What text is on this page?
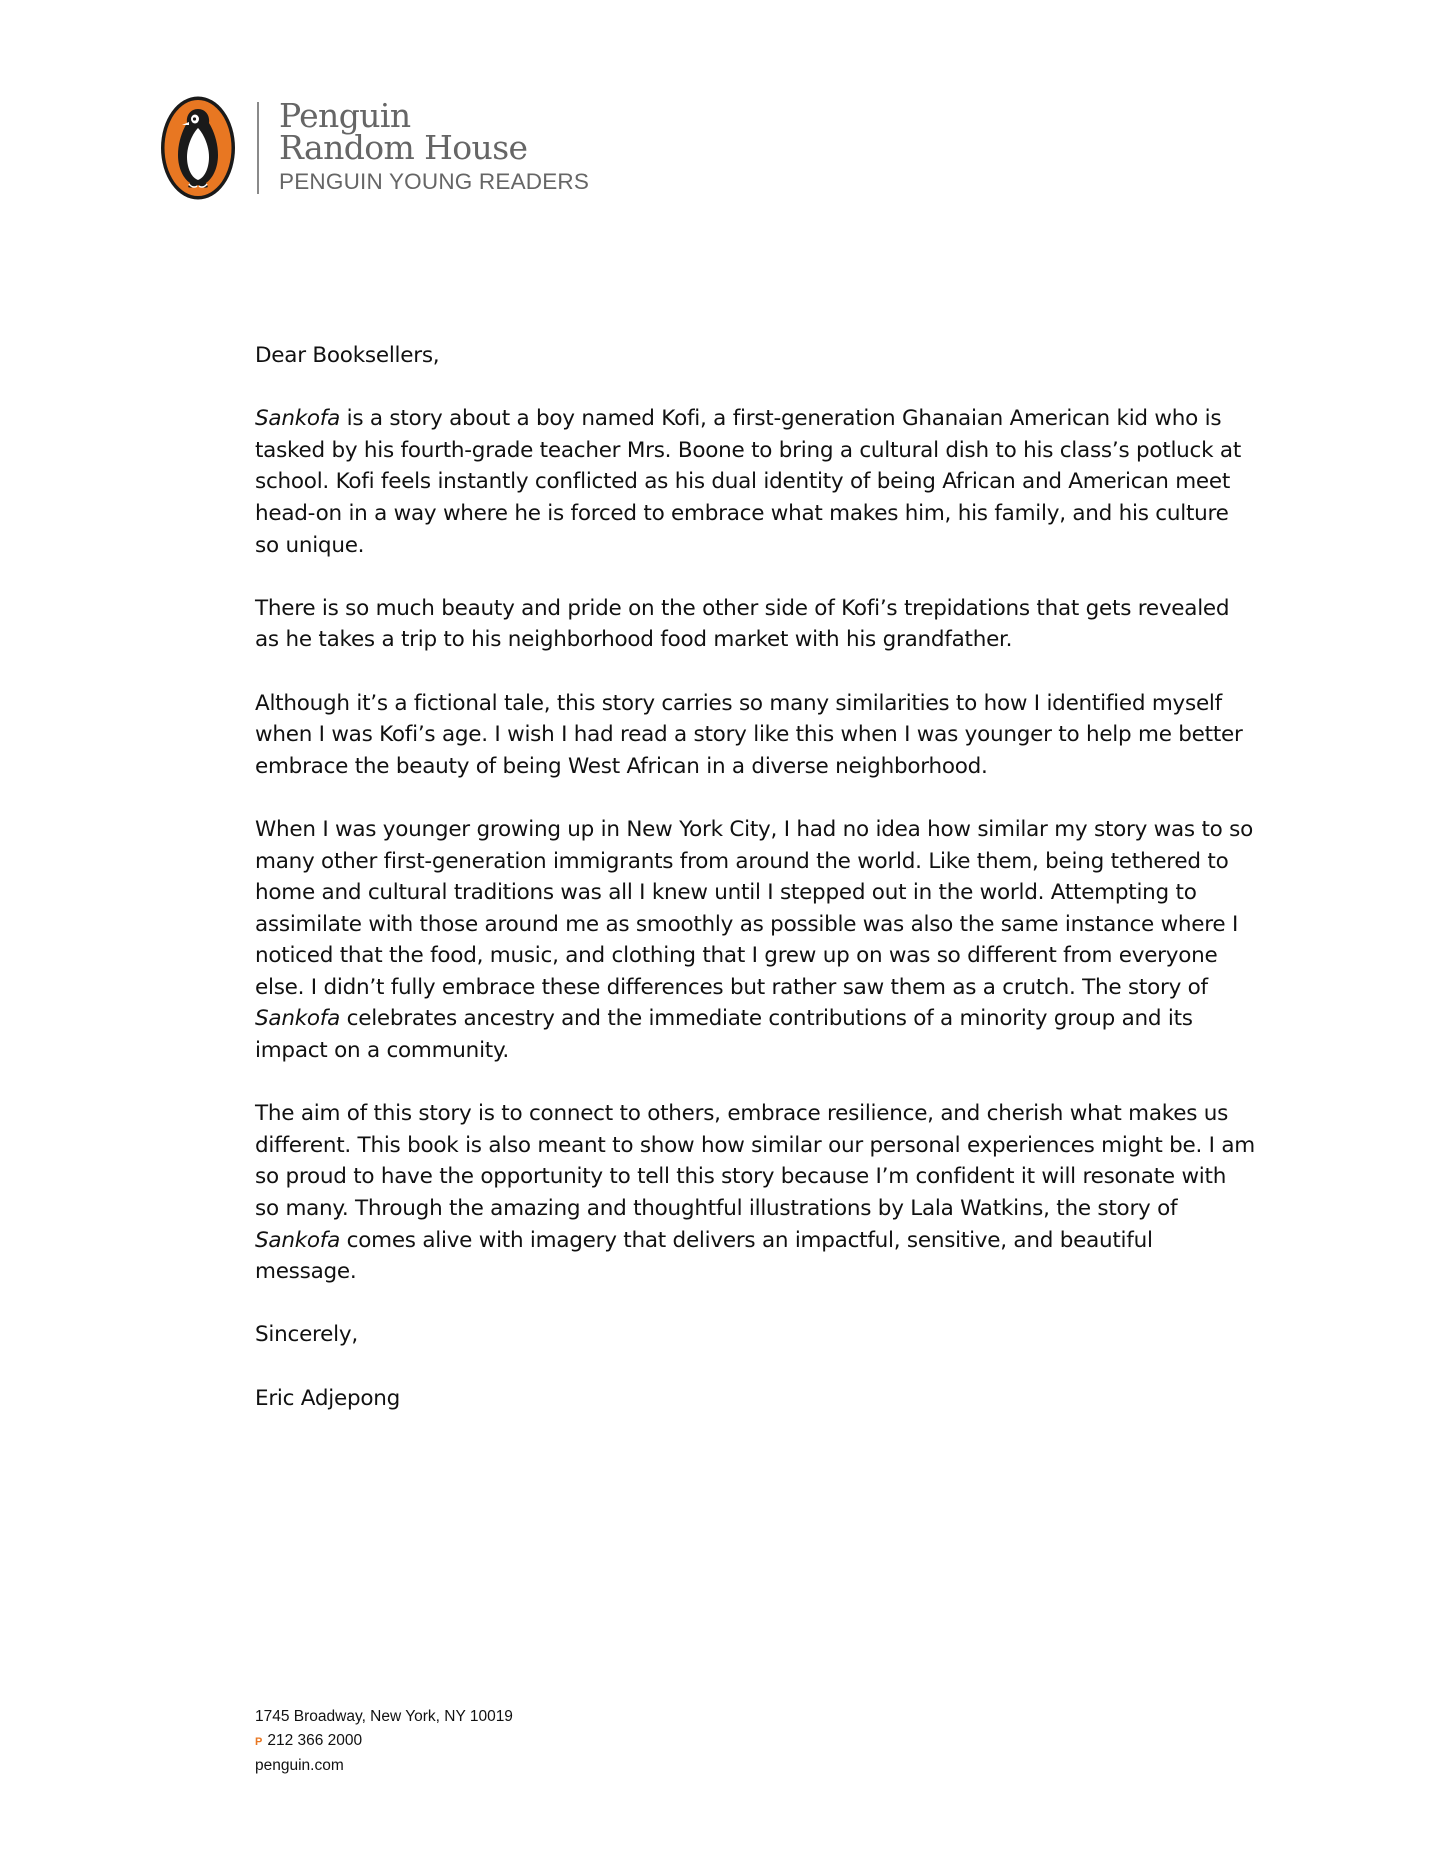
Penguin
Random House
PENGUIN YOUNG READERS

Dear Booksellers,

Sankofa is a story about a boy named Kofi, a first-generation Ghanaian American kid who is tasked by his fourth-grade teacher Mrs. Boone to bring a cultural dish to his class’s potluck at school. Kofi feels instantly conflicted as his dual identity of being African and American meet head-on in a way where he is forced to embrace what makes him, his family, and his culture so unique.

There is so much beauty and pride on the other side of Kofi’s trepidations that gets revealed as he takes a trip to his neighborhood food market with his grandfather.

Although it’s a fictional tale, this story carries so many similarities to how I identified myself when I was Kofi’s age. I wish I had read a story like this when I was younger to help me better embrace the beauty of being West African in a diverse neighborhood.

When I was younger growing up in New York City, I had no idea how similar my story was to so many other first-generation immigrants from around the world. Like them, being tethered to home and cultural traditions was all I knew until I stepped out in the world. Attempting to assimilate with those around me as smoothly as possible was also the same instance where I noticed that the food, music, and clothing that I grew up on was so different from everyone else. I didn’t fully embrace these differences but rather saw them as a crutch. The story of Sankofa celebrates ancestry and the immediate contributions of a minority group and its impact on a community.

The aim of this story is to connect to others, embrace resilience, and cherish what makes us different. This book is also meant to show how similar our personal experiences might be. I am so proud to have the opportunity to tell this story because I’m confident it will resonate with so many. Through the amazing and thoughtful illustrations by Lala Watkins, the story of Sankofa comes alive with imagery that delivers an impactful, sensitive, and beautiful message.

Sincerely,

Eric Adjepong

1745 Broadway, New York, NY 10019
P 212 366 2000
penguin.com
